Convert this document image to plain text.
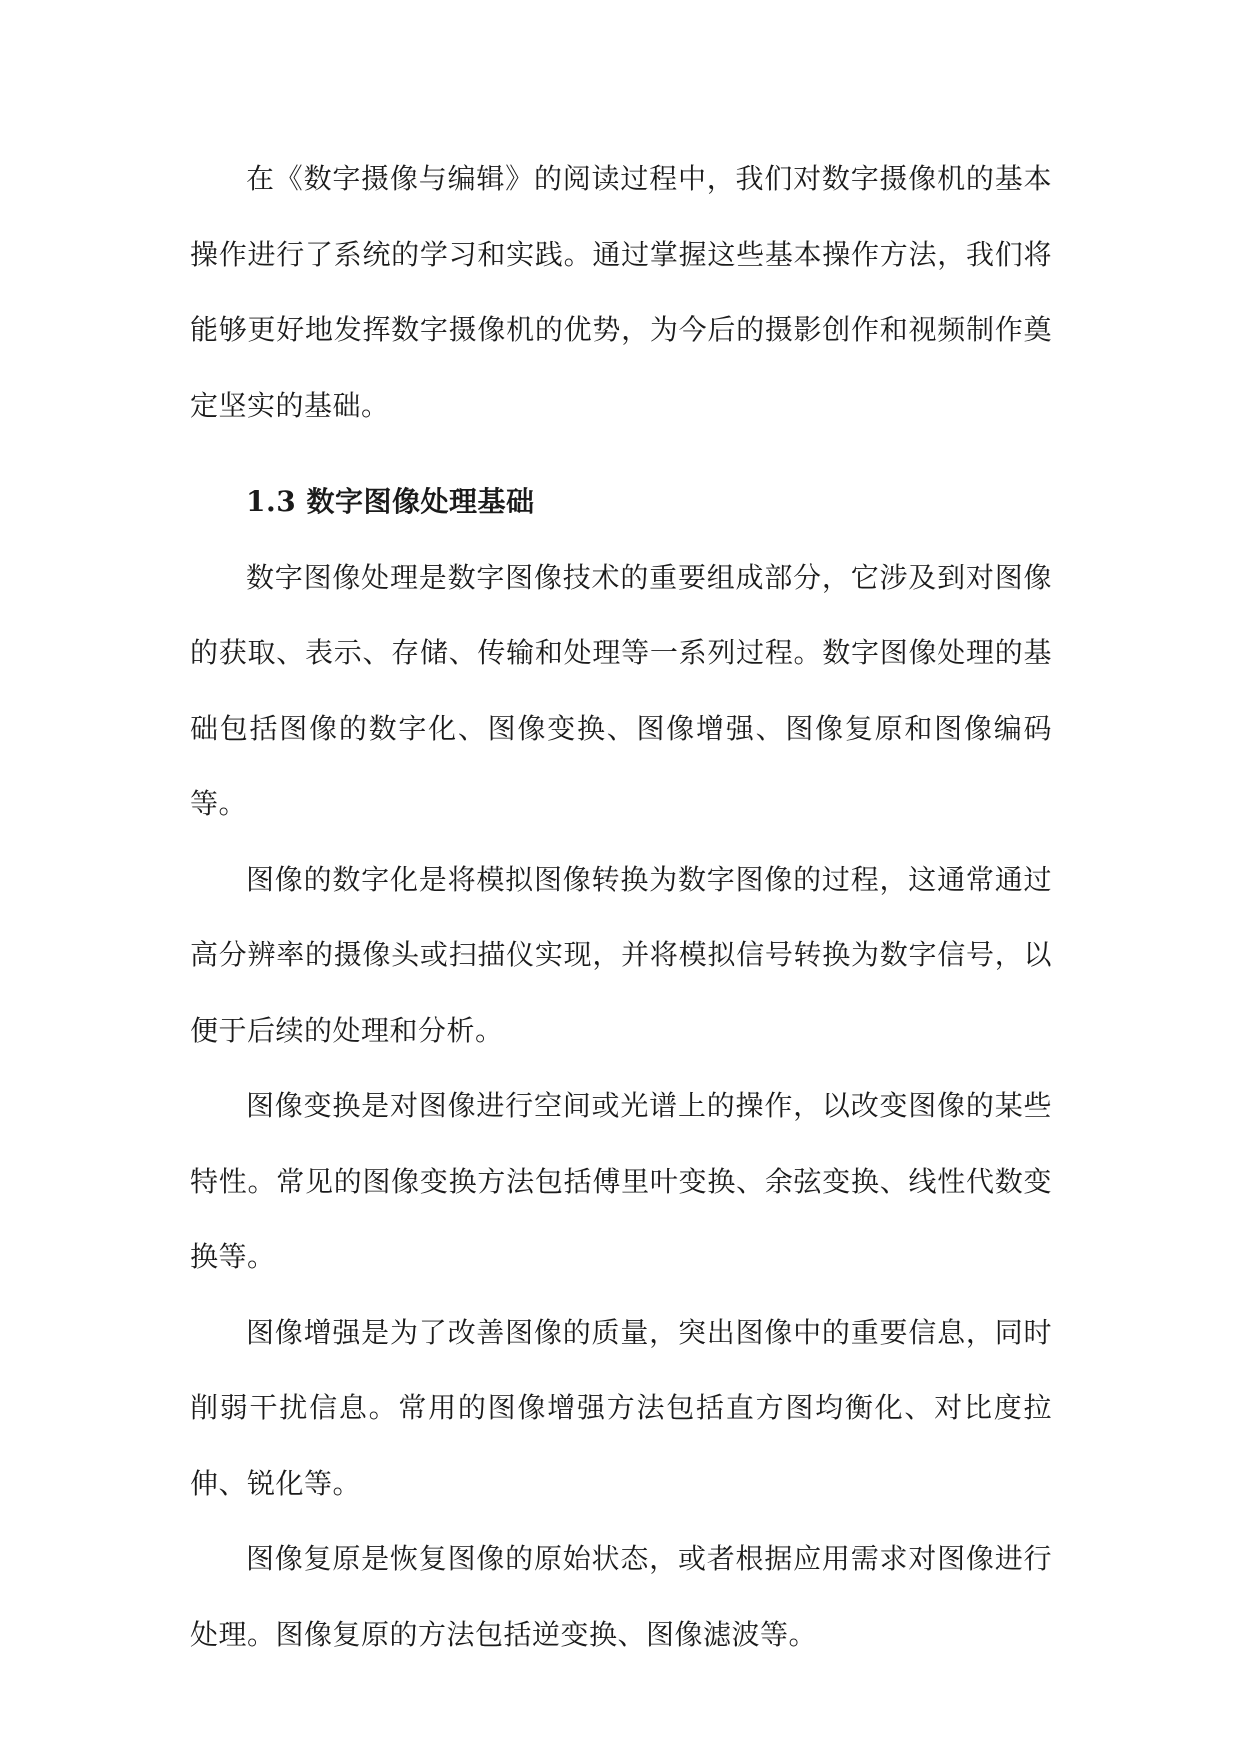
在《数字摄像与编辑》的阅读过程中，我们对数字摄像机的基本操作进行了系统的学习和实践。通过掌握这些基本操作方法，我们将能够更好地发挥数字摄像机的优势，为今后的摄影创作和视频制作奠定坚实的基础。

1.3 数字图像处理基础

数字图像处理是数字图像技术的重要组成部分，它涉及到对图像的获取、表示、存储、传输和处理等一系列过程。数字图像处理的基础包括图像的数字化、图像变换、图像增强、图像复原和图像编码等。

图像的数字化是将模拟图像转换为数字图像的过程，这通常通过高分辨率的摄像头或扫描仪实现，并将模拟信号转换为数字信号，以便于后续的处理和分析。

图像变换是对图像进行空间或光谱上的操作，以改变图像的某些特性。常见的图像变换方法包括傅里叶变换、余弦变换、线性代数变换等。

图像增强是为了改善图像的质量，突出图像中的重要信息，同时削弱干扰信息。常用的图像增强方法包括直方图均衡化、对比度拉伸、锐化等。

图像复原是恢复图像的原始状态，或者根据应用需求对图像进行处理。图像复原的方法包括逆变换、图像滤波等。
